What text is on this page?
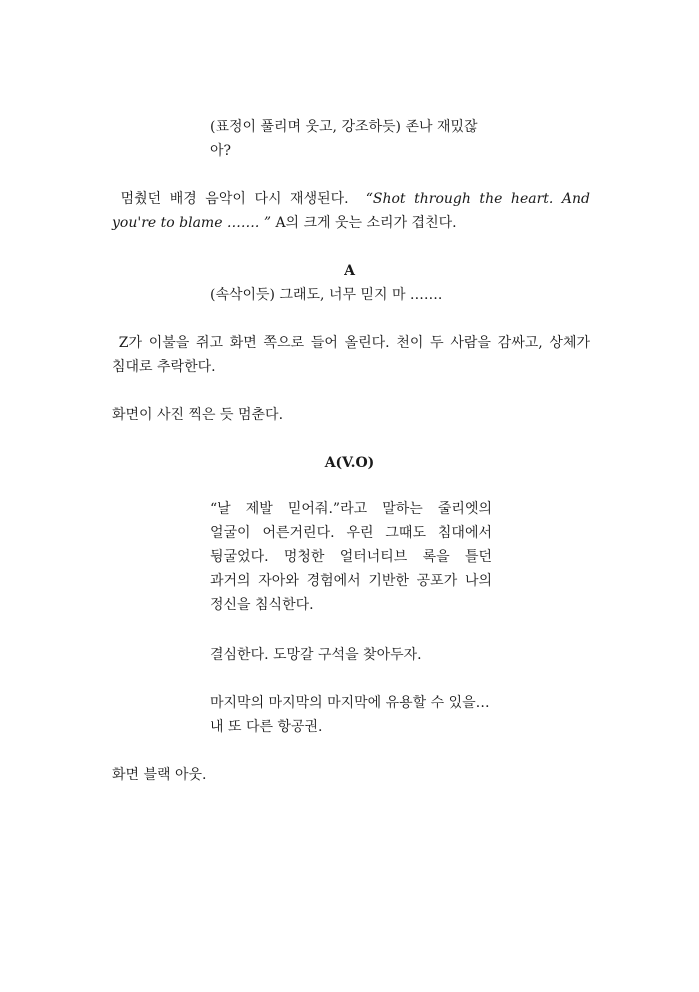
(표정이 풀리며 웃고, 강조하듯) 존나 재밌잖

아?

멈췄던 배경 음악이 다시 재생된다. “Shot through the heart. And you're to blame ……. ” A의 크게 웃는 소리가 겹친다.

A

(속삭이듯) 그래도, 너무 믿지 마 …….

Z가 이불을 쥐고 화면 쪽으로 들어 올린다. 천이 두 사람을 감싸고, 상체가 침대로 추락한다.

화면이 사진 찍은 듯 멈춘다.

A(V.O)

“날 제발 믿어줘.”라고 말하는 줄리엣의 얼굴이 어른거린다. 우린 그때도 침대에서 뒹굴었다. 멍청한 얼터너티브 록을 틀던 과거의 자아와 경험에서 기반한 공포가 나의 정신을 침식한다.

결심한다. 도망갈 구석을 찾아두자.

마지막의 마지막의 마지막에 유용할 수 있을…

내 또 다른 항공권.

화면 블랙 아웃.
